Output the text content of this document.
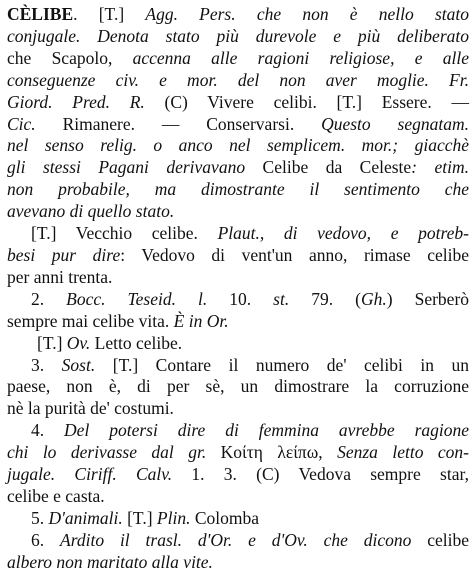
CÈLIBE. [T.] Agg. Pers. che non è nello stato
conjugale. Denota stato più durevole e più deliberato
che Scapolo, accenna alle ragioni religiose, e alle
conseguenze civ. e mor. del non aver moglie. Fr.
Giord. Pred. R. (C) Vivere celibi. [T.] Essere. —
Cic. Rimanere. — Conservarsi. Questo segnatam.
nel senso relig. o anco nel semplicem. mor.; giacchè
gli stessi Pagani derivavano Celibe da Celeste: etim.
non probabile, ma dimostrante il sentimento che
avevano di quello stato.
[T.] Vecchio celibe. Plaut., di vedovo, e potreb-
besi pur dire: Vedovo di vent'un anno, rimase celibe
per anni trenta.
2. Bocc. Teseid. l. 10. st. 79. (Gh.) Serberò
sempre mai celibe vita. È in Or.
[T.] Ov. Letto celibe.
3. Sost. [T.] Contare il numero de' celibi in un
paese, non è, di per sè, un dimostrare la corruzione
nè la purità de' costumi.
4. Del potersi dire di femmina avrebbe ragione
chi lo derivasse dal gr. Κοίτη λείπω, Senza letto con-
jugale. Ciriff. Calv. 1. 3. (C) Vedova sempre star,
celibe e casta.
5. D'animali. [T.] Plin. Colomba
6. Ardito il trasl. d'Or. e d'Ov. che dicono celibe
albero non maritato alla vite.
